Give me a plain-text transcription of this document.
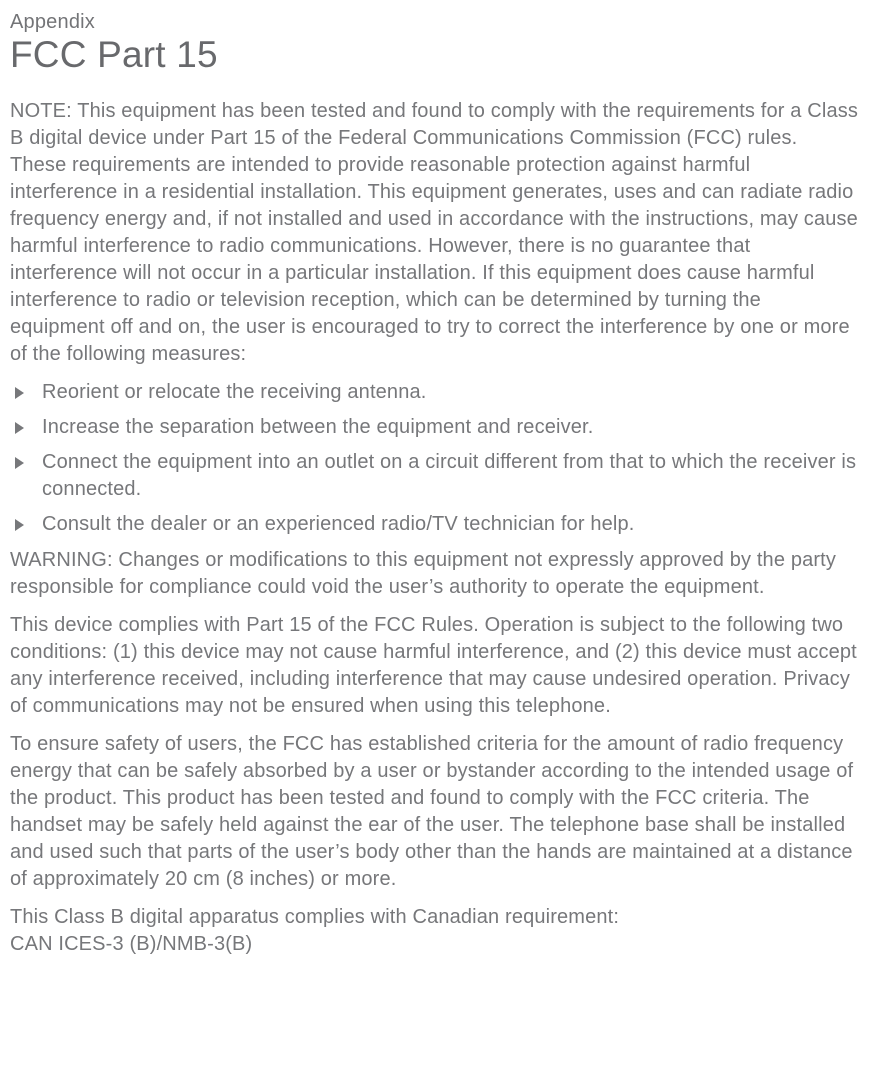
Appendix
FCC Part 15

NOTE: This equipment has been tested and found to comply with the requirements for a Class B digital device under Part 15 of the Federal Communications Commission (FCC) rules. These requirements are intended to provide reasonable protection against harmful interference in a residential installation. This equipment generates, uses and can radiate radio frequency energy and, if not installed and used in accordance with the instructions, may cause harmful interference to radio communications. However, there is no guarantee that interference will not occur in a particular installation. If this equipment does cause harmful interference to radio or television reception, which can be determined by turning the equipment off and on, the user is encouraged to try to correct the interference by one or more of the following measures:

Reorient or relocate the receiving antenna.
Increase the separation between the equipment and receiver.
Connect the equipment into an outlet on a circuit different from that to which the receiver is connected.
Consult the dealer or an experienced radio/TV technician for help.

WARNING: Changes or modifications to this equipment not expressly approved by the party responsible for compliance could void the user’s authority to operate the equipment.

This device complies with Part 15 of the FCC Rules. Operation is subject to the following two conditions: (1) this device may not cause harmful interference, and (2) this device must accept any interference received, including interference that may cause undesired operation. Privacy of communications may not be ensured when using this telephone.

To ensure safety of users, the FCC has established criteria for the amount of radio frequency energy that can be safely absorbed by a user or bystander according to the intended usage of the product. This product has been tested and found to comply with the FCC criteria. The handset may be safely held against the ear of the user. The telephone base shall be installed and used such that parts of the user’s body other than the hands are maintained at a distance of approximately 20 cm (8 inches) or more.

This Class B digital apparatus complies with Canadian requirement:
CAN ICES-3 (B)/NMB-3(B)
